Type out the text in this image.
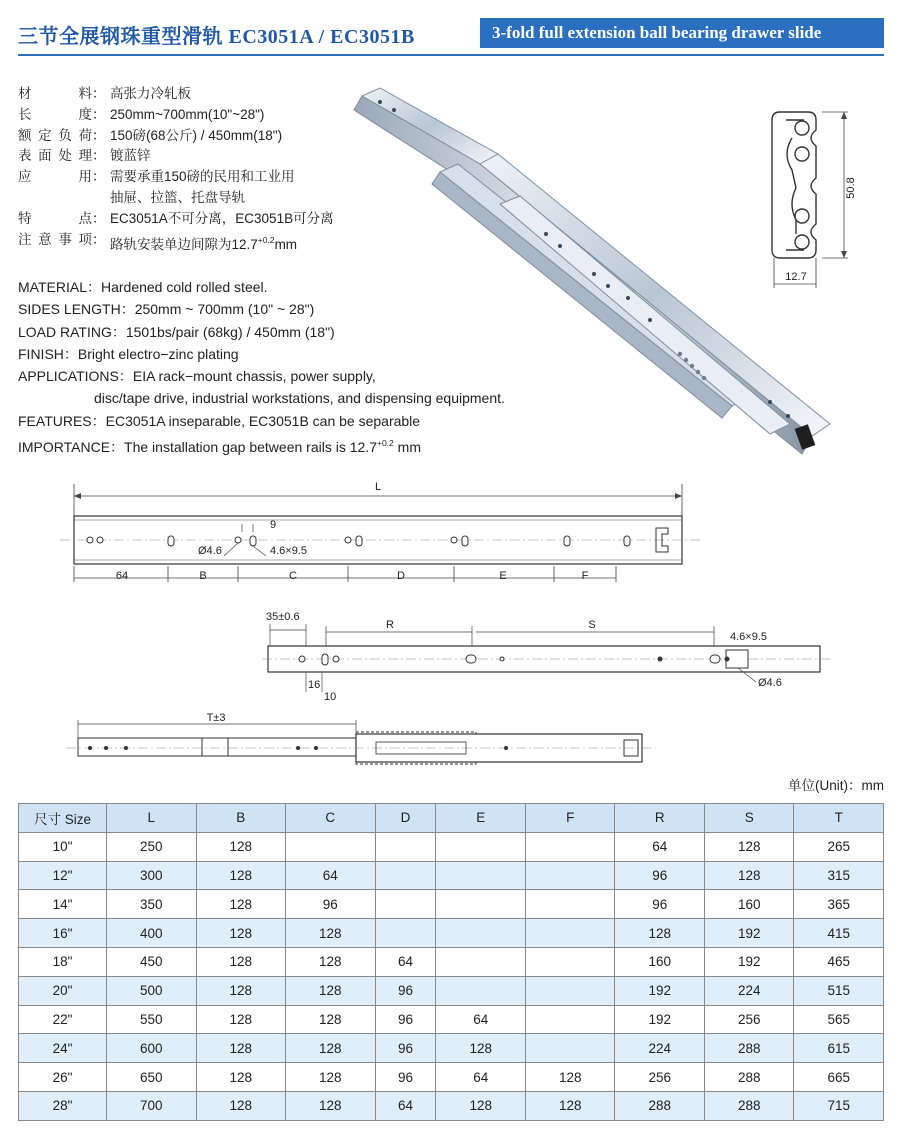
三节全展钢珠重型滑轨 EC3051A / EC3051B	3-fold full extension ball bearing drawer slide
材　　料 ： 高张力冷轧板
长　　度 ： 250mm~700mm(10"~28")
额定负荷 ： 150磅(68公斤) / 450mm(18")
表面处理 ： 镀蓝锌
应　　用 ： 需要承重150磅的民用和工业用
抽屉、拉篮、托盘导轨
特　　点 ： EC3051A不可分离，EC3051B可分离
注意事项 ： 路轨安装单边间隙为$12.7^{+0.2}mm$
MATERIAL：Hardened cold rolled steel.
SIDES LENGTH：250mm ~ 700mm (10" ~ 28")
LOAD RATING：1501bs/pair (68kg) / 450mm (18")
FINISH：Bright electro−zinc plating
APPLICATIONS：EIA rack−mount chassis, power supply,
disc/tape drive, industrial workstations, and dispensing equipment.
FEATURES：EC3051A inseparable, EC3051B can be separable
IMPORTANCE：The installation gap between rails is $12.7^{+0.2}$ mm
50.8
12.7
L
Ø4.6	4.6×9.5
9
64	B	C	D	E	F
35±0.6
R	S
4.6×9.5
Ø4.6
16
10
T±3
单位(Unit)：mm
尺寸 Size	L	B	C	D	E	F	R	S	T
10"	250	128					64	128	265
12"	300	128	64				96	128	315
14"	350	128	96				96	160	365
16"	400	128	128				128	192	415
18"	450	128	128	64			160	192	465
20"	500	128	128	96			192	224	515
22"	550	128	128	96	64		192	256	565
24"	600	128	128	96	128		224	288	615
26"	650	128	128	96	64	128	256	288	665
28"	700	128	128	64	128	128	288	288	715
